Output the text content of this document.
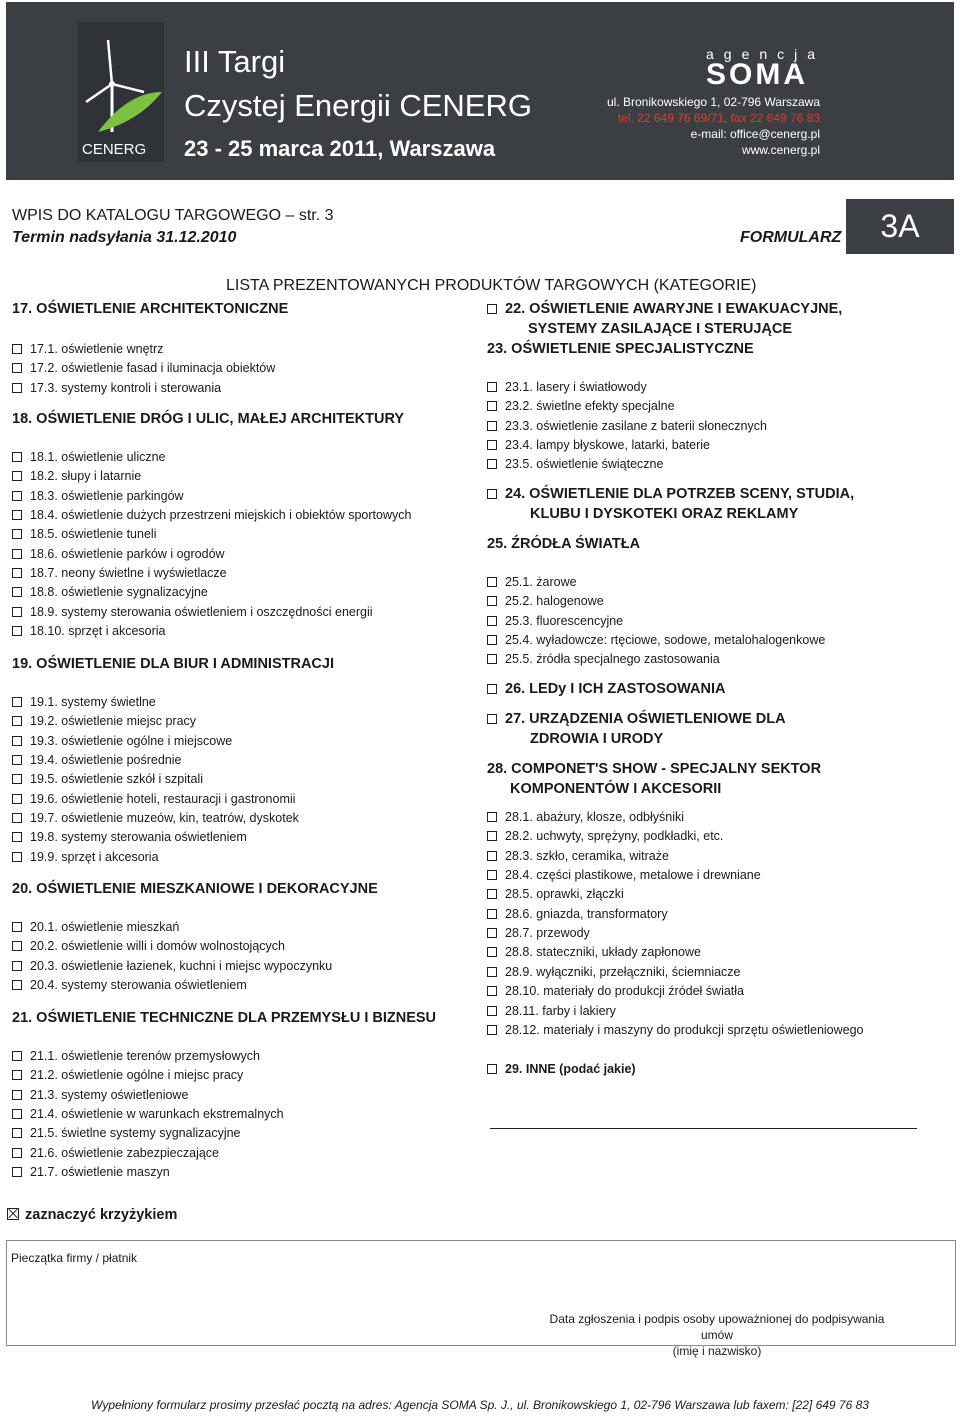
CENERG
III Targi
Czystej Energii CENERG
23 - 25 marca 2011, Warszawa
agencja
SOMA
ul. Bronikowskiego 1, 02-796 Warszawa
tel. 22 649 76 69/71, fax 22 649 76 83
e-mail: office@cenerg.pl
www.cenerg.pl
WPIS DO KATALOGU TARGOWEGO – str. 3
Termin nadsyłania 31.12.2010	FORMULARZ	3A
LISTA PREZENTOWANYCH PRODUKTÓW TARGOWYCH (KATEGORIE)
17. OŚWIETLENIE ARCHITEKTONICZNE
17.1. oświetlenie wnętrz
17.2. oświetlenie fasad i iluminacja obiektów
17.3. systemy kontroli i sterowania
18. OŚWIETLENIE DRÓG I ULIC, MAŁEJ ARCHITEKTURY
18.1. oświetlenie uliczne
18.2. słupy i latarnie
18.3. oświetlenie parkingów
18.4. oświetlenie dużych przestrzeni miejskich i obiektów sportowych
18.5. oświetlenie tuneli
18.6. oświetlenie parków i ogrodów
18.7. neony świetlne i wyświetlacze
18.8. oświetlenie sygnalizacyjne
18.9. systemy sterowania oświetleniem i oszczędności energii
18.10. sprzęt i akcesoria
19. OŚWIETLENIE DLA BIUR I ADMINISTRACJI
19.1. systemy świetlne
19.2. oświetlenie miejsc pracy
19.3. oświetlenie ogólne i miejscowe
19.4. oświetlenie pośrednie
19.5. oświetlenie szkół i szpitali
19.6. oświetlenie hoteli, restauracji i gastronomii
19.7. oświetlenie muzeów, kin, teatrów, dyskotek
19.8. systemy sterowania oświetleniem
19.9. sprzęt i akcesoria
20. OŚWIETLENIE MIESZKANIOWE I DEKORACYJNE
20.1. oświetlenie mieszkań
20.2. oświetlenie willi i domów wolnostojących
20.3. oświetlenie łazienek, kuchni i miejsc wypoczynku
20.4. systemy sterowania oświetleniem
21. OŚWIETLENIE TECHNICZNE DLA PRZEMYSŁU I BIZNESU
21.1. oświetlenie terenów przemysłowych
21.2. oświetlenie ogólne i miejsc pracy
21.3. systemy oświetleniowe
21.4. oświetlenie w warunkach ekstremalnych
21.5. świetlne systemy sygnalizacyjne
21.6. oświetlenie zabezpieczające
21.7. oświetlenie maszyn
22. OŚWIETLENIE AWARYJNE I EWAKUACYJNE,
SYSTEMY ZASILAJĄCE I STERUJĄCE
23. OŚWIETLENIE SPECJALISTYCZNE
23.1. lasery i światłowody
23.2. świetlne efekty specjalne
23.3. oświetlenie zasilane z baterii słonecznych
23.4. lampy błyskowe, latarki, baterie
23.5. oświetlenie świąteczne
24. OŚWIETLENIE DLA POTRZEB SCENY, STUDIA,
KLUBU I DYSKOTEKI ORAZ REKLAMY
25. ŹRÓDŁA ŚWIATŁA
25.1. żarowe
25.2. halogenowe
25.3. fluorescencyjne
25.4. wyładowcze: rtęciowe, sodowe, metalohalogenkowe
25.5. źródła specjalnego zastosowania
26. LEDy I ICH ZASTOSOWANIA
27. URZĄDZENIA OŚWIETLENIOWE DLA
ZDROWIA I URODY
28. COMPONET'S SHOW - SPECJALNY SEKTOR
KOMPONENTÓW I AKCESORII
28.1. abażury, klosze, odbłyśniki
28.2. uchwyty, sprężyny, podkładki, etc.
28.3. szkło, ceramika, witraże
28.4. części plastikowe, metalowe i drewniane
28.5. oprawki, złączki
28.6. gniazda, transformatory
28.7. przewody
28.8. stateczniki, układy zapłonowe
28.9. wyłączniki, przełączniki, ściemniacze
28.10. materiały do produkcji źródeł światła
28.11. farby i lakiery
28.12. materiały i maszyny do produkcji sprzętu oświetleniowego
29. INNE (podać jakie)
zaznaczyć krzyżykiem
Pieczątka firmy / płatnik
Data zgłoszenia i podpis osoby upoważnionej do podpisywania umów
(imię i nazwisko)
Wypełniony formularz prosimy przesłać pocztą na adres: Agencja SOMA Sp. J., ul. Bronikowskiego 1, 02-796 Warszawa lub faxem: [22] 649 76 83
